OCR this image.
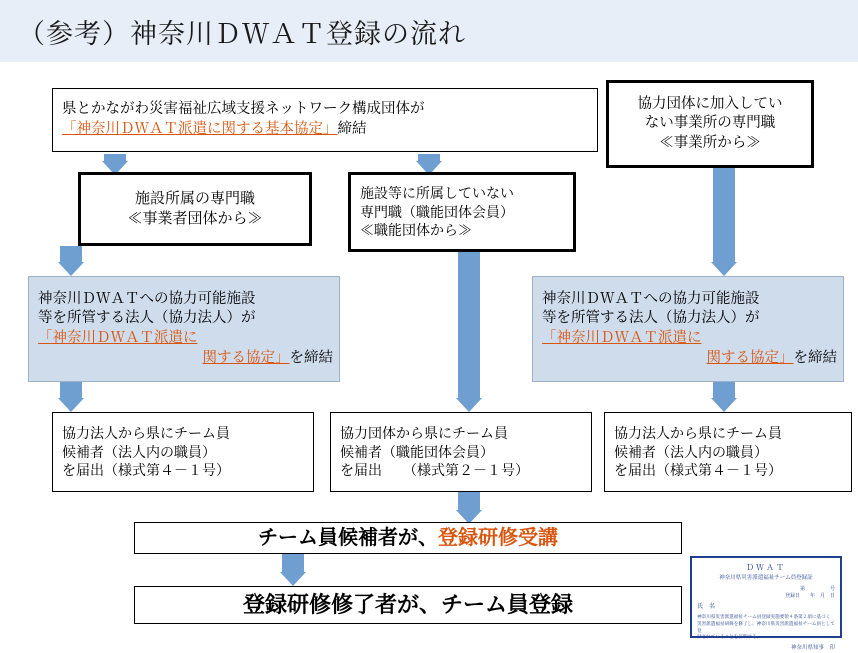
（参考）神奈川ＤＷＡＴ登録の流れ
県とかながわ災害福祉広域支援ネットワーク構成団体が
「神奈川ＤＷＡＴ派遣に関する基本協定」締結
協力団体に加入してい
ない事業所の専門職
≪事業所から≫
施設所属の専門職
≪事業者団体から≫
施設等に所属していない
専門職（職能団体会員）
≪職能団体から≫
神奈川ＤＷＡＴへの協力可能施設
等を所管する法人（協力法人）が
「神奈川ＤＷＡＴ派遣に
関する協定」を締結
神奈川ＤＷＡＴへの協力可能施設
等を所管する法人（協力法人）が
「神奈川ＤＷＡＴ派遣に
関する協定」を締結
協力法人から県にチーム員
候補者（法人内の職員）
を届出（様式第４－１号）
協力団体から県にチーム員
候補者（職能団体会員）
を届出　　（様式第２－１号）
協力法人から県にチーム員
候補者（法人内の職員）
を届出（様式第４－１号）
チーム員候補者が、登録研修受講
登録研修修了者が、チーム員登録
ＤＷＡＴ
神奈川県災害派遣福祉チーム員登録証
第　　　　　号
登録日　　年　月　日
氏　名
神奈川県災害派遣福祉チーム員登録実施要領４条第２項に基づく
災害派遣福祉研修を修了し、神奈川県災害派遣福祉チーム員として登
録されていることを証明する。
神奈川県知事　印
